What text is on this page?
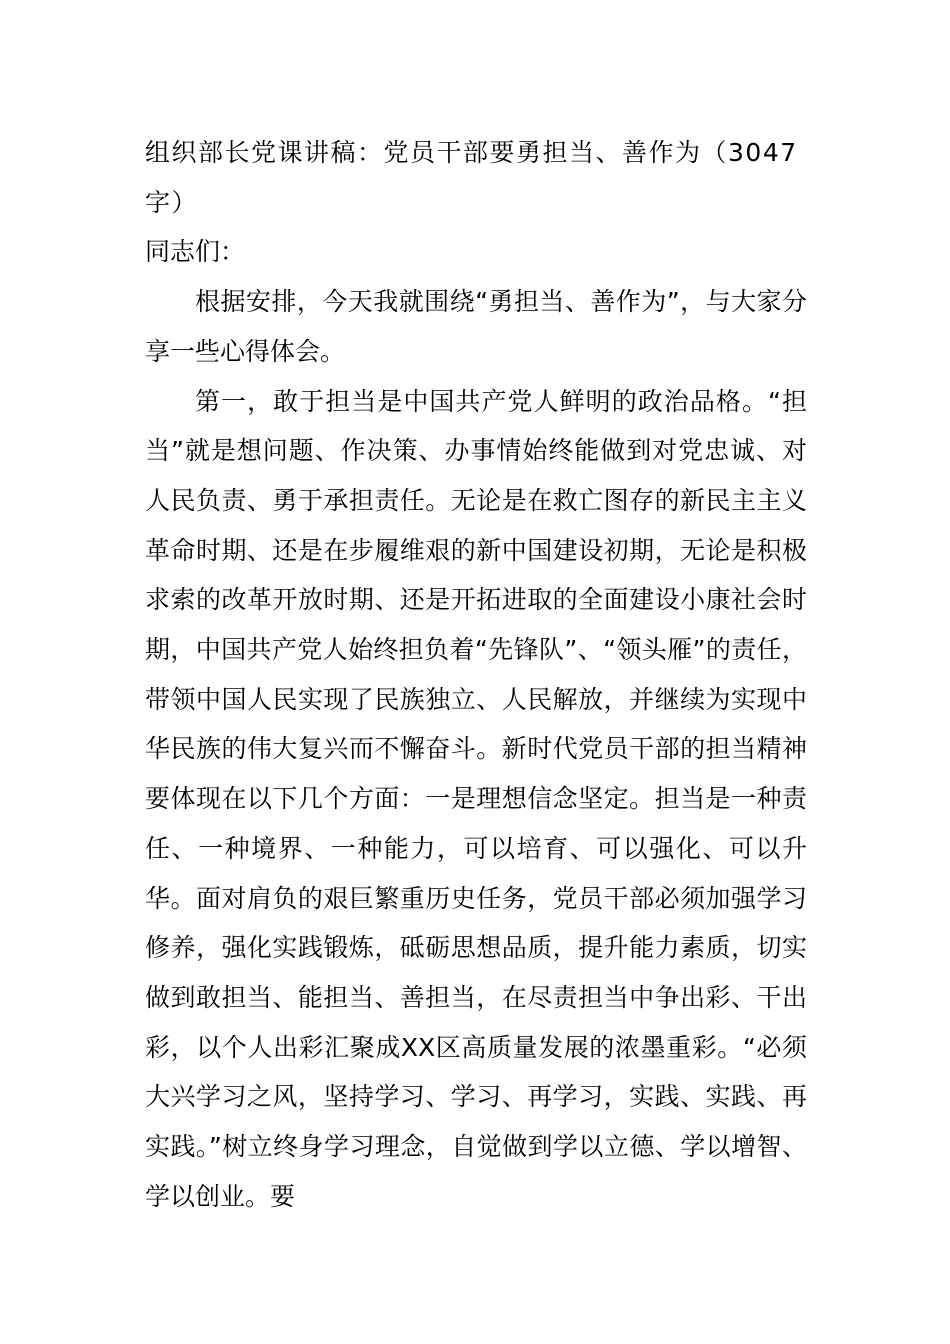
组织部长党课讲稿：党员干部要勇担当、善作为（3047字）

同志们：

根据安排，今天我就围绕“勇担当、善作为”，与大家分享一些心得体会。

第一，敢于担当是中国共产党人鲜明的政治品格。“担当”就是想问题、作决策、办事情始终能做到对党忠诚、对人民负责、勇于承担责任。无论是在救亡图存的新民主主义革命时期、还是在步履维艰的新中国建设初期，无论是积极求索的改革开放时期、还是开拓进取的全面建设小康社会时期，中国共产党人始终担负着“先锋队”、“领头雁”的责任，带领中国人民实现了民族独立、人民解放，并继续为实现中华民族的伟大复兴而不懈奋斗。新时代党员干部的担当精神要体现在以下几个方面：一是理想信念坚定。担当是一种责任、一种境界、一种能力，可以培育、可以强化、可以升华。面对肩负的艰巨繁重历史任务，党员干部必须加强学习修养，强化实践锻炼，砥砺思想品质，提升能力素质，切实做到敢担当、能担当、善担当，在尽责担当中争出彩、干出彩，以个人出彩汇聚成XX区高质量发展的浓墨重彩。“必须大兴学习之风，坚持学习、学习、再学习，实践、实践、再实践。”树立终身学习理念，自觉做到学以立德、学以增智、学以创业。要
